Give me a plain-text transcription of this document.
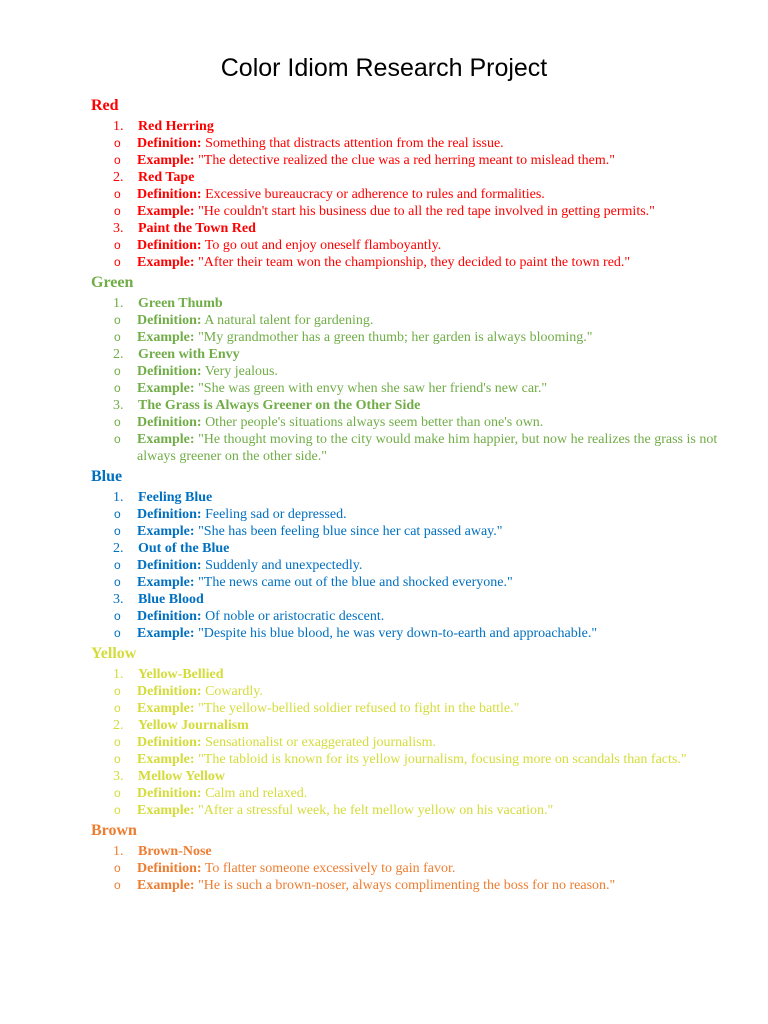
Color Idiom Research Project
Red
1. Red Herring
o Definition: Something that distracts attention from the real issue.
o Example: "The detective realized the clue was a red herring meant to mislead them."
2. Red Tape
o Definition: Excessive bureaucracy or adherence to rules and formalities.
o Example: "He couldn't start his business due to all the red tape involved in getting permits."
3. Paint the Town Red
o Definition: To go out and enjoy oneself flamboyantly.
o Example: "After their team won the championship, they decided to paint the town red."
Green
1. Green Thumb
o Definition: A natural talent for gardening.
o Example: "My grandmother has a green thumb; her garden is always blooming."
2. Green with Envy
o Definition: Very jealous.
o Example: "She was green with envy when she saw her friend's new car."
3. The Grass is Always Greener on the Other Side
o Definition: Other people's situations always seem better than one's own.
o Example: "He thought moving to the city would make him happier, but now he realizes the grass is not always greener on the other side."
Blue
1. Feeling Blue
o Definition: Feeling sad or depressed.
o Example: "She has been feeling blue since her cat passed away."
2. Out of the Blue
o Definition: Suddenly and unexpectedly.
o Example: "The news came out of the blue and shocked everyone."
3. Blue Blood
o Definition: Of noble or aristocratic descent.
o Example: "Despite his blue blood, he was very down-to-earth and approachable."
Yellow
1. Yellow-Bellied
o Definition: Cowardly.
o Example: "The yellow-bellied soldier refused to fight in the battle."
2. Yellow Journalism
o Definition: Sensationalist or exaggerated journalism.
o Example: "The tabloid is known for its yellow journalism, focusing more on scandals than facts."
3. Mellow Yellow
o Definition: Calm and relaxed.
o Example: "After a stressful week, he felt mellow yellow on his vacation."
Brown
1. Brown-Nose
o Definition: To flatter someone excessively to gain favor.
o Example: "He is such a brown-noser, always complimenting the boss for no reason."
